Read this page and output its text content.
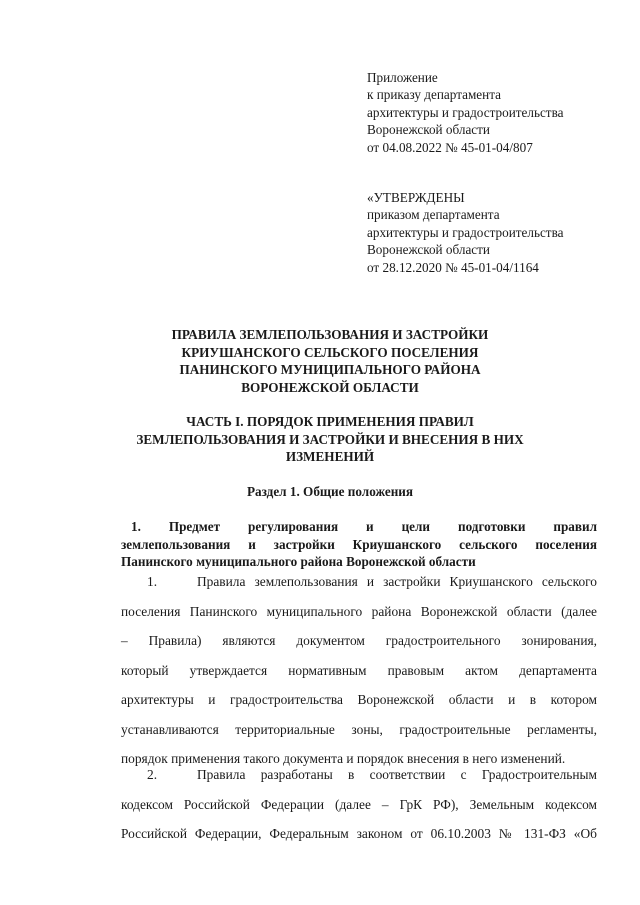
Приложение
к приказу департамента
архитектуры и градостроительства
Воронежской области
от 04.08.2022 № 45-01-04/807
«УТВЕРЖДЕНЫ
приказом департамента
архитектуры и градостроительства
Воронежской области
от 28.12.2020 № 45-01-04/1164
ПРАВИЛА ЗЕМЛЕПОЛЬЗОВАНИЯ И ЗАСТРОЙКИ
КРИУШАНСКОГО СЕЛЬСКОГО ПОСЕЛЕНИЯ
ПАНИНСКОГО МУНИЦИПАЛЬНОГО РАЙОНА
ВОРОНЕЖСКОЙ ОБЛАСТИ
ЧАСТЬ I. ПОРЯДОК ПРИМЕНЕНИЯ ПРАВИЛ
ЗЕМЛЕПОЛЬЗОВАНИЯ И ЗАСТРОЙКИ И ВНЕСЕНИЯ В НИХ
ИЗМЕНЕНИЙ
Раздел 1. Общие положения
1. Предмет регулирования и цели подготовки правил
землепользования и застройки Криушанского сельского поселения
Панинского муниципального района Воронежской области
1.	Правила землепользования и застройки Криушанского сельского
поселения Панинского муниципального района Воронежской области (далее
– Правила) являются документом градостроительного зонирования,
который утверждается нормативным правовым актом департамента
архитектуры и градостроительства Воронежской области и в котором
устанавливаются территориальные зоны, градостроительные регламенты,
порядок применения такого документа и порядок внесения в него изменений.
2.	Правила разработаны в соответствии с Градостроительным
кодексом Российской Федерации (далее – ГрК РФ), Земельным кодексом
Российской Федерации, Федеральным законом от 06.10.2003 № 131-ФЗ «Об
